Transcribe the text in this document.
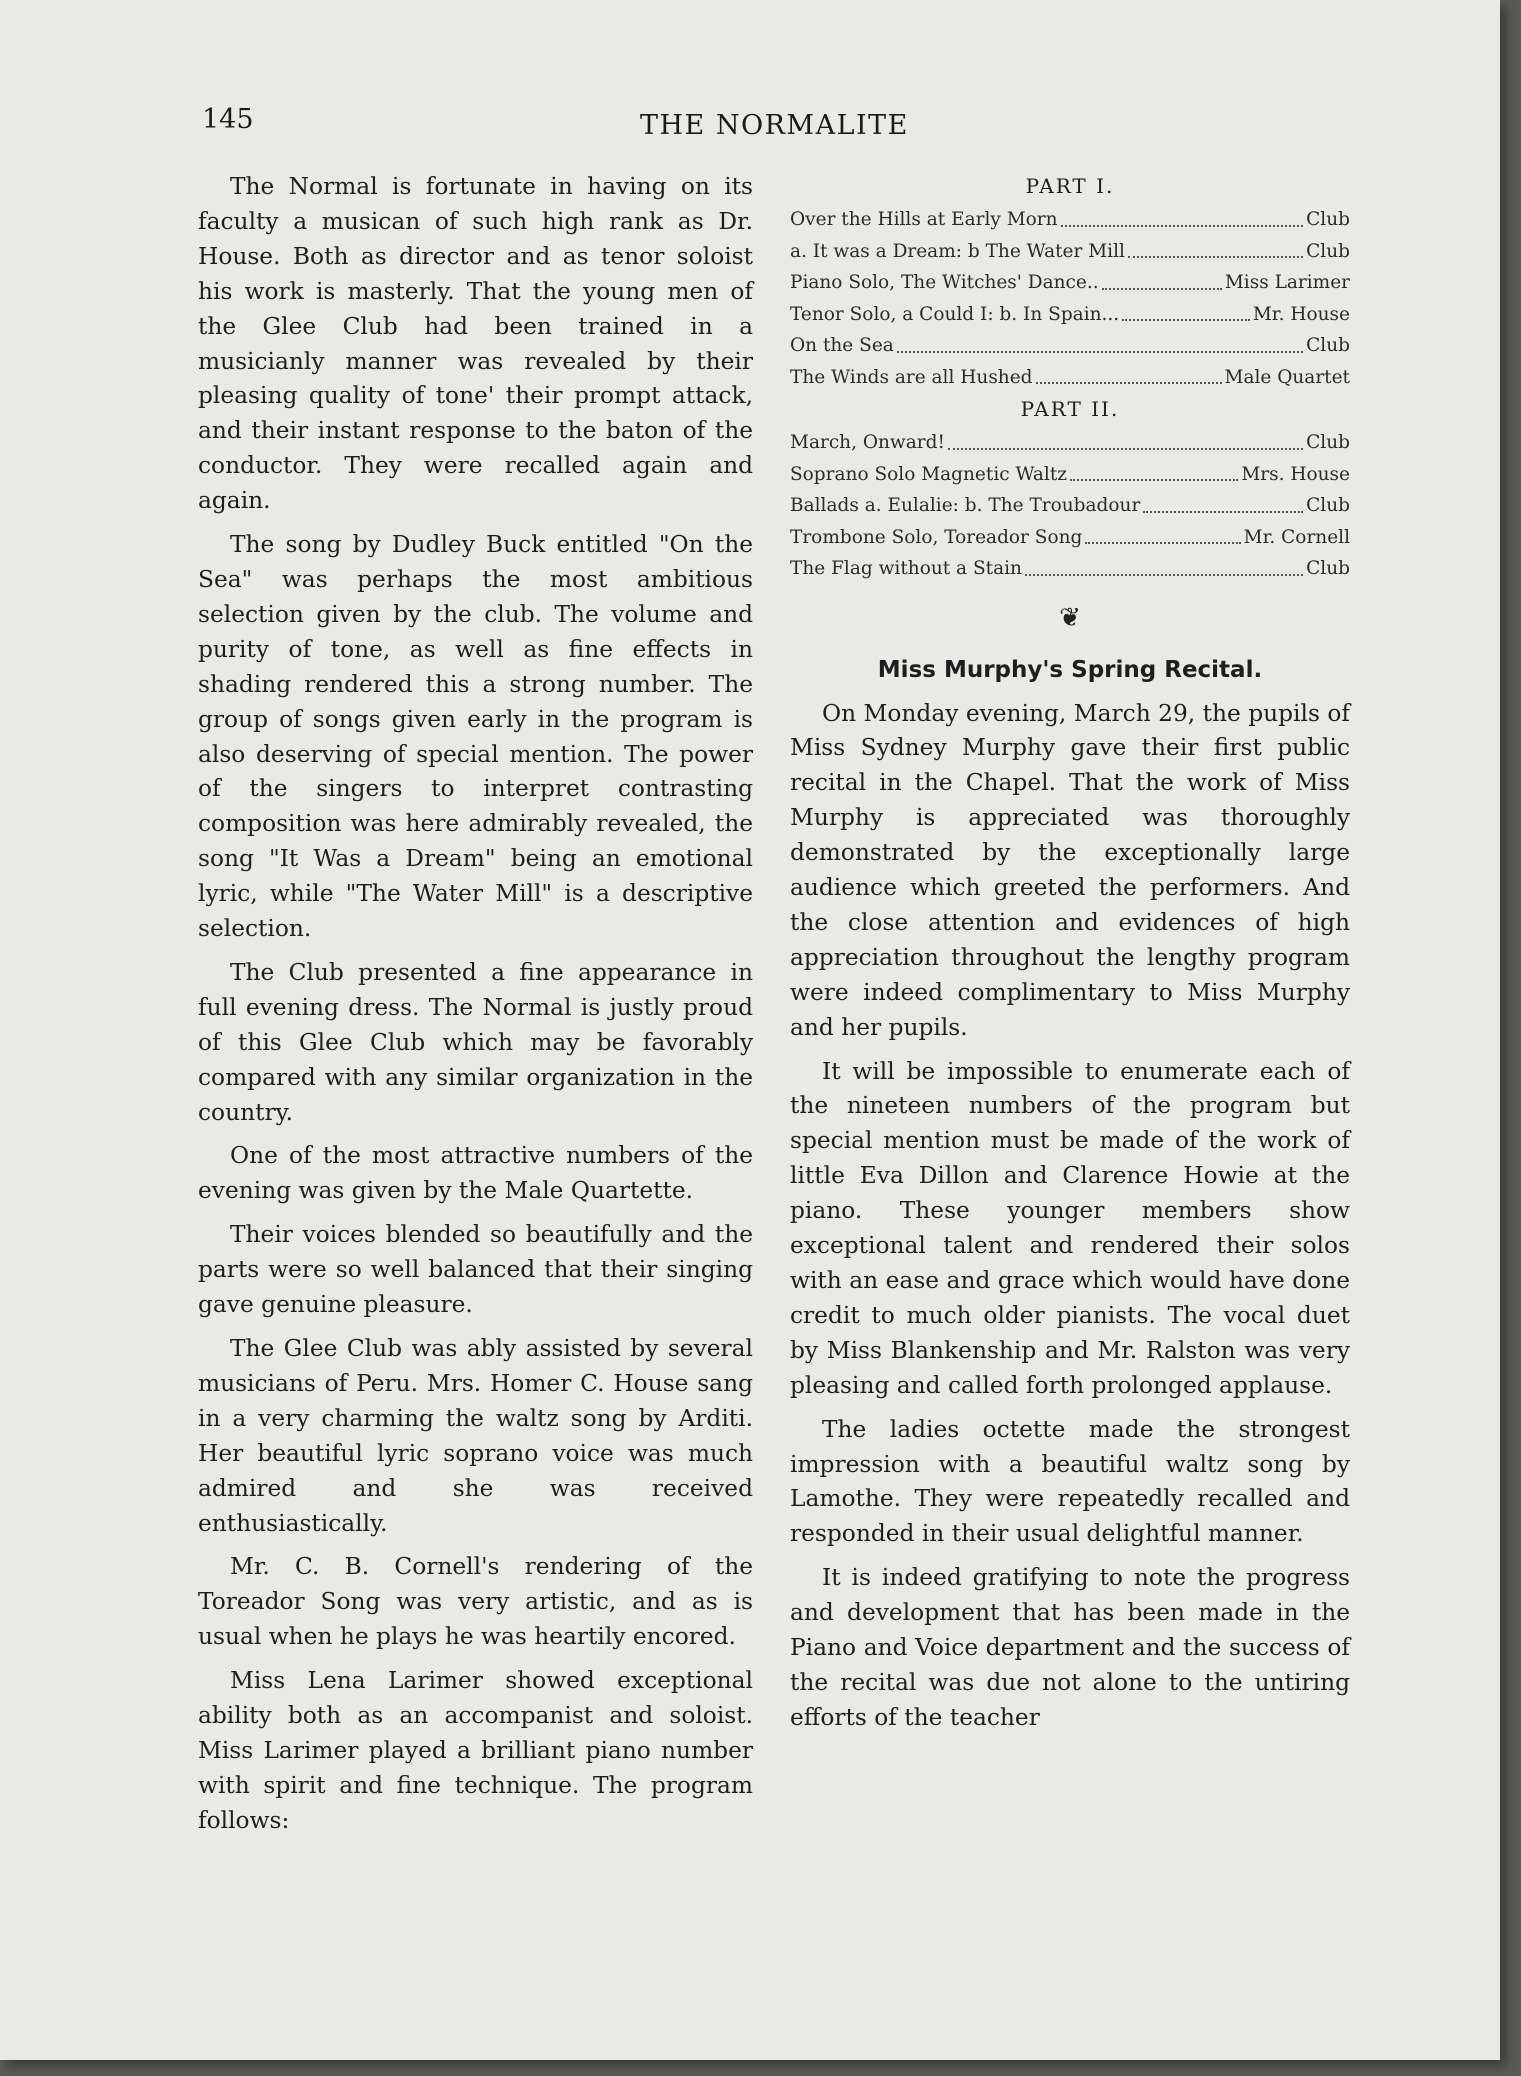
145	THE NORMALITE

The Normal is fortunate in having on its faculty a musican of such high rank as Dr. House. Both as director and as tenor soloist his work is masterly. That the young men of the Glee Club had been trained in a musicianly manner was revealed by their pleasing quality of tone' their prompt attack, and their instant response to the baton of the conductor. They were recalled again and again.

The song by Dudley Buck entitled "On the Sea" was perhaps the most ambitious selection given by the club. The volume and purity of tone, as well as fine effects in shading rendered this a strong number. The group of songs given early in the program is also deserving of special mention. The power of the singers to interpret contrasting composition was here admirably revealed, the song "It Was a Dream" being an emotional lyric, while "The Water Mill" is a descriptive selection.

The Club presented a fine appearance in full evening dress. The Normal is justly proud of this Glee Club which may be favorably compared with any similar organization in the country.

One of the most attractive numbers of the evening was given by the Male Quartette.

Their voices blended so beautifully and the parts were so well balanced that their singing gave genuine pleasure.

The Glee Club was ably assisted by several musicians of Peru. Mrs. Homer C. House sang in a very charming the waltz song by Arditi. Her beautiful lyric soprano voice was much admired and she was received enthusiastically.

Mr. C. B. Cornell's rendering of the Toreador Song was very artistic, and as is usual when he plays he was heartily encored.

Miss Lena Larimer showed exceptional ability both as an accompanist and soloist. Miss Larimer played a brilliant piano number with spirit and fine technique. The program follows:

PART I.
Over the Hills at Early Morn	Club
a. It was a Dream: b The Water Mill	Club
Piano Solo, The Witches' Dance..	Miss Larimer
Tenor Solo, a Could I: b. In Spain...	Mr. House
On the Sea	Club
The Winds are all Hushed	Male Quartet
PART II.
March, Onward!	Club
Soprano Solo Magnetic Waltz	Mrs. House
Ballads a. Eulalie: b. The Troubadour	Club
Trombone Solo, Toreador Song	Mr. Cornell
The Flag without a Stain	Club
❦
Miss Murphy's Spring Recital.

On Monday evening, March 29, the pupils of Miss Sydney Murphy gave their first public recital in the Chapel. That the work of Miss Murphy is appreciated was thoroughly demonstrated by the exceptionally large audience which greeted the performers. And the close attention and evidences of high appreciation throughout the lengthy program were indeed complimentary to Miss Murphy and her pupils.

It will be impossible to enumerate each of the nineteen numbers of the program but special mention must be made of the work of little Eva Dillon and Clarence Howie at the piano. These younger members show exceptional talent and rendered their solos with an ease and grace which would have done credit to much older pianists. The vocal duet by Miss Blankenship and Mr. Ralston was very pleasing and called forth prolonged applause.

The ladies octette made the strongest impression with a beautiful waltz song by Lamothe. They were repeatedly recalled and responded in their usual delightful manner.

It is indeed gratifying to note the progress and development that has been made in the Piano and Voice department and the success of the recital was due not alone to the untiring efforts of the teacher
